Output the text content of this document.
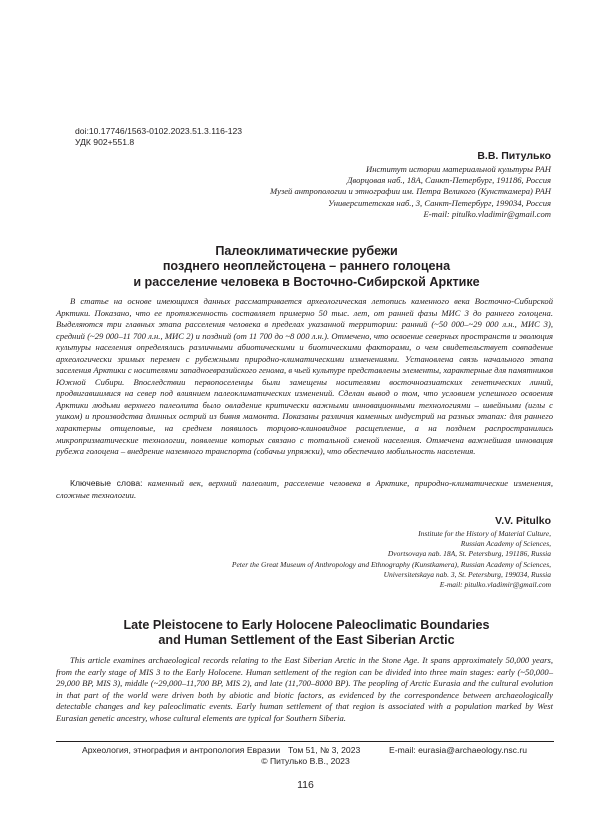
doi:10.17746/1563-0102.2023.51.3.116-123
УДК 902+551.8
В.В. Питулько
Институт истории материальной культуры РАН
Дворцовая наб., 18А, Санкт-Петербург, 191186, Россия
Музей антропологии и этнографии им. Петра Великого (Кунсткамера) РАН
Университетская наб., 3, Санкт-Петербург, 199034, Россия
E-mail: pitulko.vladimir@gmail.com
Палеоклиматические рубежи
позднего неоплейстоцена – раннего голоцена
и расселение человека в Восточно-Сибирской Арктике

В статье на основе имеющихся данных рассматривается археологическая летопись каменного века Восточно-Сибирской Арктики. Показано, что ее протяженность составляет примерно 50 тыс. лет, от ранней фазы МИС 3 до раннего голоцена. Выделяются три главных этапа расселения человека в пределах указанной территории: ранний (~50 000–~29 000 л.н., МИС 3), средний (~29 000–11 700 л.н., МИС 2) и поздний (от 11 700 до ~8 000 л.н.). Отмечено, что освоение северных пространств и эволюция культуры населения определялись различными абиотическими и биотическими факторами, о чем свидетельствует совпадение археологически зримых перемен с рубежными природно-климатическими изменениями. Установлена связь начального этапа заселения Арктики с носителями западноевразийского генома, в чьей культуре представлены элементы, характерные для памятников Южной Сибири. Впоследствии первопоселенцы были замещены носителями восточноазиатских генетических линий, продвигавшимися на север под влиянием палеоклиматических изменений. Сделан вывод о том, что условием успешного освоения Арктики людьми верхнего палеолита было овладение критически важными инновационными технологиями – швейными (иглы с ушком) и производства длинных острий из бивня мамонта. Показаны различия каменных индустрий на разных этапах: для раннего характерны отщеповые, на среднем появилось торцово-клиновидное расщепление, а на позднем распространились микропризматические технологии, появление которых связано с тотальной сменой населения. Отмечена важнейшая инновация рубежа голоцена – внедрение наземного транспорта (собачьи упряжки), что обеспечило мобильность населения.

Ключевые слова: каменный век, верхний палеолит, расселение человека в Арктике, природно-климатические изменения, сложные технологии.

V.V. Pitulko
Institute for the History of Material Culture,
Russian Academy of Sciences,
Dvortsovaya nab. 18A, St. Petersburg, 191186, Russia
Peter the Great Museum of Anthropology and Ethnography (Kunstkamera), Russian Academy of Sciences,
Universitetskaya nab. 3, St. Petersburg, 199034, Russia
E-mail: pitulko.vladimir@gmail.com
Late Pleistocene to Early Holocene Paleoclimatic Boundaries
and Human Settlement of the East Siberian Arctic

This article examines archaeological records relating to the East Siberian Arctic in the Stone Age. It spans approximately 50,000 years, from the early stage of MIS 3 to the Early Holocene. Human settlement of the region can be divided into three main stages: early (~50,000–29,000 BP, MIS 3), middle (~29,000–11,700 BP, MIS 2), and late (11,700–8000 BP). The peopling of Arctic Eurasia and the cultural evolution in that part of the world were driven both by abiotic and biotic factors, as evidenced by the correspondence between archaeologically detectable changes and key paleoclimatic events. Early human settlement of that region is associated with a population marked by West Eurasian genetic ancestry, whose cultural elements are typical for Southern Siberia.

Археология, этнография и антропология Евразии Том 51, № 3, 2023	E-mail: eurasia@archaeology.nsc.ru
© Питулько В.В., 2023
116
